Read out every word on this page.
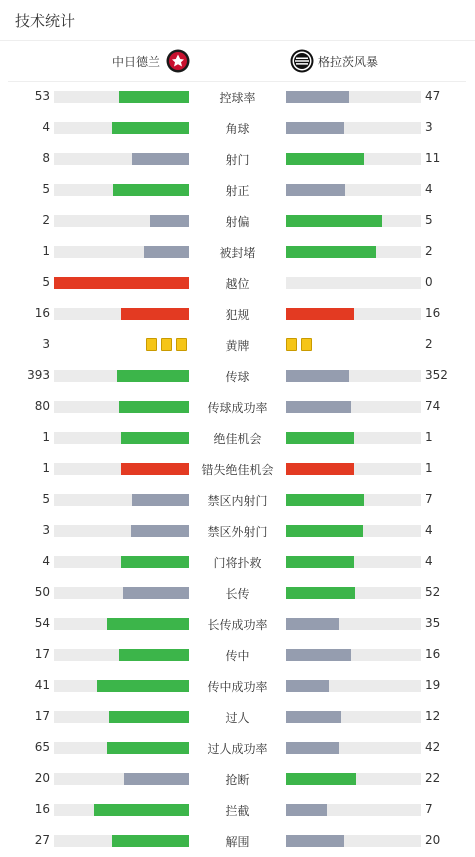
技术统计
中日德兰	格拉茨风暴
53	控球率	47
4	角球	3
8	射门	11
5	射正	4
2	射偏	5
1	被封堵	2
5	越位	0
16	犯规	16
3	黄牌	2
393	传球	352
80	传球成功率	74
1	绝佳机会	1
1	错失绝佳机会	1
5	禁区内射门	7
3	禁区外射门	4
4	门将扑救	4
50	长传	52
54	长传成功率	35
17	传中	16
41	传中成功率	19
17	过人	12
65	过人成功率	42
20	抢断	22
16	拦截	7
27	解围	20
